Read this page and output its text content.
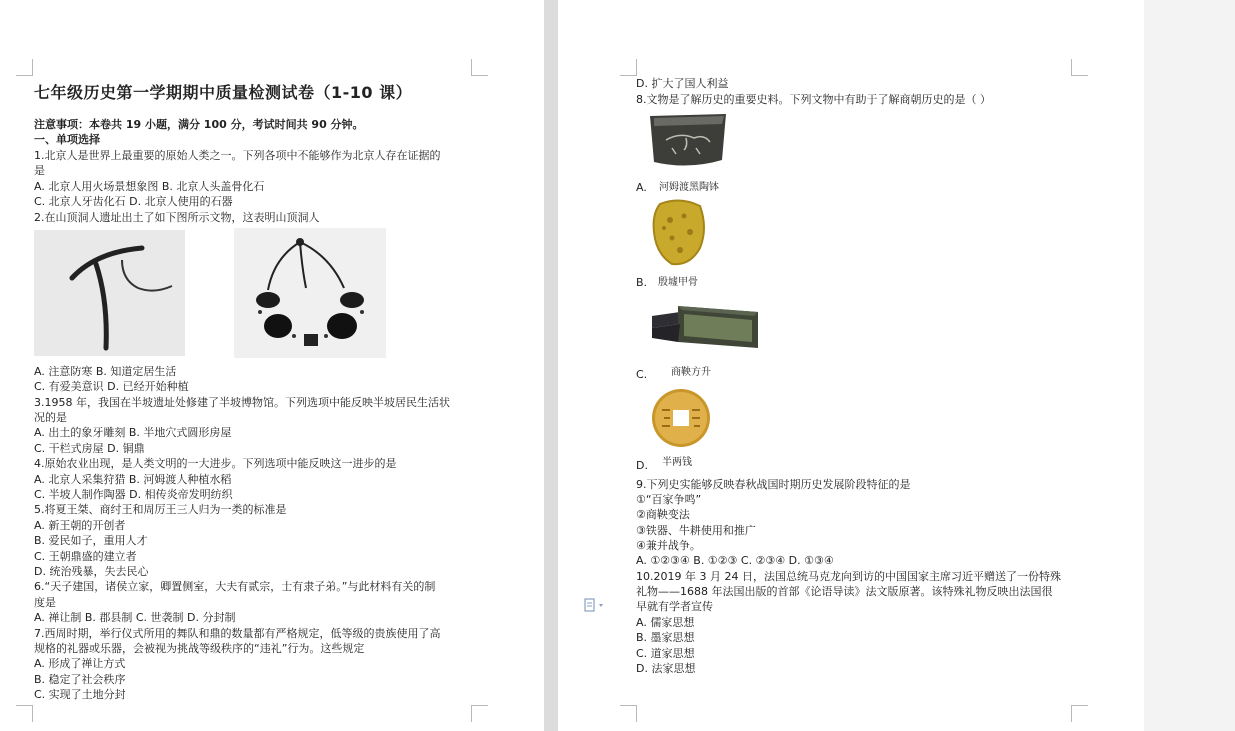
七年级历史第一学期期中质量检测试卷（1-10 课）
注意事项：本卷共 19 小题，满分 100 分，考试时间共 90 分钟。
一、单项选择
1.北京人是世界上最重要的原始人类之一。下列各项中不能够作为北京人存在证据的
是
A. 北京人用火场景想象图 B. 北京人头盖骨化石
C. 北京人牙齿化石 D. 北京人使用的石器
2.在山顶洞人遗址出土了如下图所示文物，这表明山顶洞人
A. 注意防寒 B. 知道定居生活
C. 有爱美意识 D. 已经开始种植
3.1958 年，我国在半坡遗址处修建了半坡博物馆。下列选项中能反映半坡居民生活状
况的是
A. 出土的象牙雕刻 B. 半地穴式圆形房屋
C. 干栏式房屋 D. 铜鼎
4.原始农业出现，是人类文明的一大进步。下列选项中能反映这一进步的是
A. 北京人采集狩猎 B. 河姆渡人种植水稻
C. 半坡人制作陶器 D. 相传炎帝发明纺织
5.将夏王桀、商纣王和周厉王三人归为一类的标准是
A. 新王朝的开创者
B. 爱民如子，重用人才
C. 王朝鼎盛的建立者
D. 统治残暴，失去民心
6.“天子建国，诸侯立家，卿置侧室，大夫有贰宗，士有隶子弟。”与此材料有关的制
度是
A. 禅让制 B. 郡县制 C. 世袭制 D. 分封制
7.西周时期，举行仪式所用的舞队和鼎的数量都有严格规定，低等级的贵族使用了高
规格的礼器或乐器，会被视为挑战等级秩序的“违礼”行为。这些规定
A. 形成了禅让方式
B. 稳定了社会秩序
C. 实现了土地分封
D. 扩大了国人利益
8.文物是了解历史的重要史料。下列文物中有助于了解商朝历史的是（ ）
A. 河姆渡黑陶钵
B. 殷墟甲骨
C. 商鞅方升
D. 半两钱
9.下列史实能够反映春秋战国时期历史发展阶段特征的是
①“百家争鸣”
②商鞅变法
③铁器、牛耕使用和推广
④兼并战争。
A. ①②③④ B. ①②③ C. ②③④ D. ①③④
10.2019 年 3 月 24 日，法国总统马克龙向到访的中国国家主席习近平赠送了一份特殊
礼物——1688 年法国出版的首部《论语导读》法文版原著。该特殊礼物反映出法国很
早就有学者宣传
A. 儒家思想
B. 墨家思想
C. 道家思想
D. 法家思想
